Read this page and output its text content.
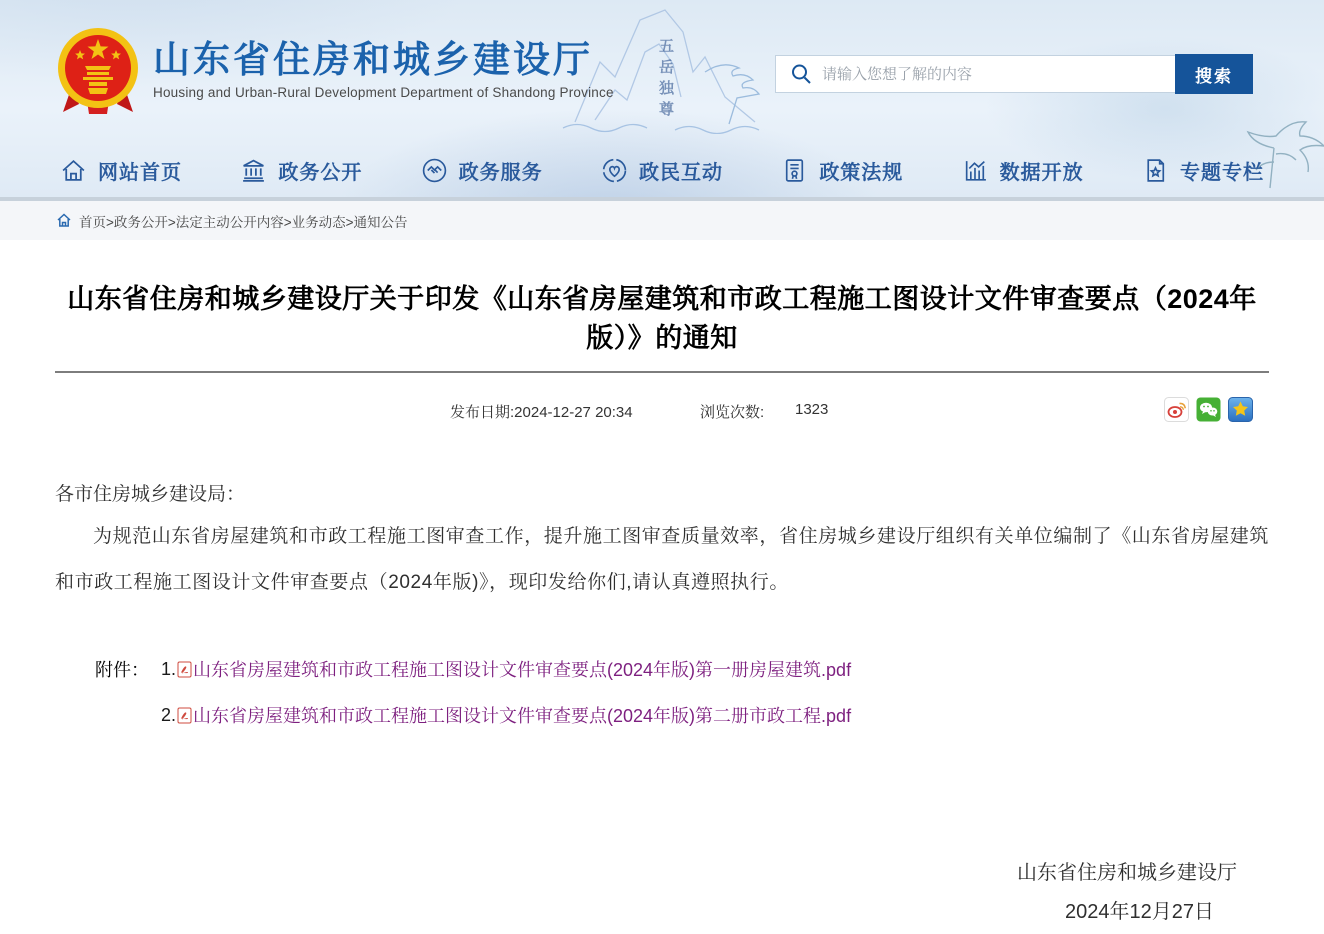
五岳独尊
山东省住房和城乡建设厅
Housing and Urban-Rural Development Department of Shandong Province
请输入您想了解的内容
搜索
网站首页	政务公开	政务服务	政民互动	政策法规	数据开放	专题专栏
首页>政务公开>法定主动公开内容>业务动态>通知公告
山东省住房和城乡建设厅关于印发《山东省房屋建筑和市政工程施工图设计文件审查要点（2024年版）》的通知
发布日期:2024-12-27 20:34	浏览次数: 1323

各市住房城乡建设局：

为规范山东省房屋建筑和市政工程施工图审查工作，提升施工图审查质量效率，省住房城乡建设厅组织有关单位编制了《山东省房屋建筑和市政工程施工图设计文件审查要点（2024年版)》，现印发给你们,请认真遵照执行。

附件： 1. 山东省房屋建筑和市政工程施工图设计文件审查要点(2024年版)第一册房屋建筑.pdf
2. 山东省房屋建筑和市政工程施工图设计文件审查要点(2024年版)第二册市政工程.pdf
山东省住房和城乡建设厅
2024年12月27日
